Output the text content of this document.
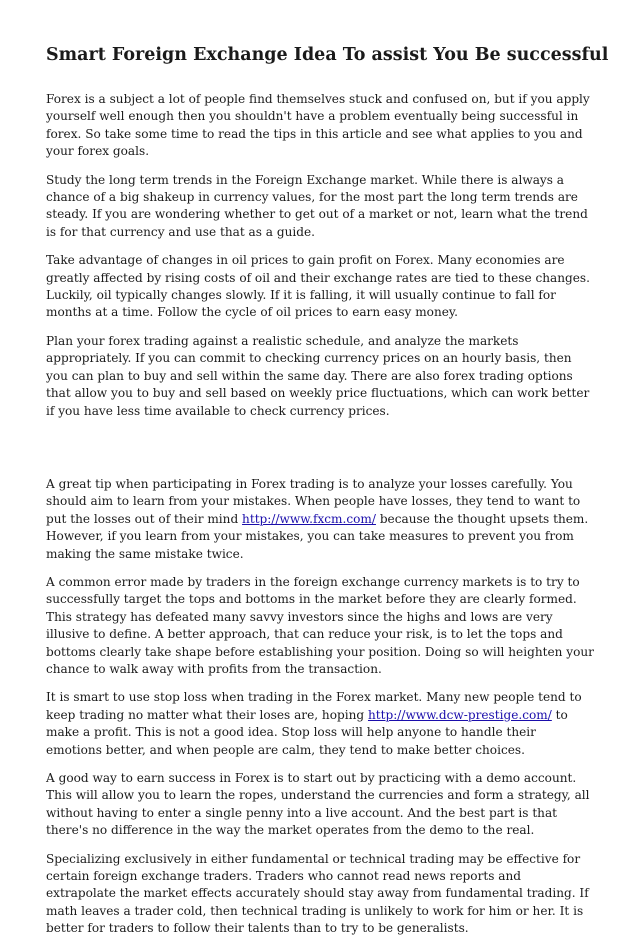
Smart Foreign Exchange Idea To assist You Be successful

Forex is a subject a lot of people find themselves stuck and confused on, but if you apply yourself well enough then you shouldn't have a problem eventually being successful in forex. So take some time to read the tips in this article and see what applies to you and your forex goals.

Study the long term trends in the Foreign Exchange market. While there is always a chance of a big shakeup in currency values, for the most part the long term trends are steady. If you are wondering whether to get out of a market or not, learn what the trend is for that currency and use that as a guide.

Take advantage of changes in oil prices to gain profit on Forex. Many economies are greatly affected by rising costs of oil and their exchange rates are tied to these changes. Luckily, oil typically changes slowly. If it is falling, it will usually continue to fall for months at a time. Follow the cycle of oil prices to earn easy money.

Plan your forex trading against a realistic schedule, and analyze the markets appropriately. If you can commit to checking currency prices on an hourly basis, then you can plan to buy and sell within the same day. There are also forex trading options that allow you to buy and sell based on weekly price fluctuations, which can work better if you have less time available to check currency prices.

A great tip when participating in Forex trading is to analyze your losses carefully. You should aim to learn from your mistakes. When people have losses, they tend to want to put the losses out of their mind http://www.fxcm.com/ because the thought upsets them. However, if you learn from your mistakes, you can take measures to prevent you from making the same mistake twice.

A common error made by traders in the foreign exchange currency markets is to try to successfully target the tops and bottoms in the market before they are clearly formed. This strategy has defeated many savvy investors since the highs and lows are very illusive to define. A better approach, that can reduce your risk, is to let the tops and bottoms clearly take shape before establishing your position. Doing so will heighten your chance to walk away with profits from the transaction.

It is smart to use stop loss when trading in the Forex market. Many new people tend to keep trading no matter what their loses are, hoping http://www.dcw-prestige.com/ to make a profit. This is not a good idea. Stop loss will help anyone to handle their emotions better, and when people are calm, they tend to make better choices.

A good way to earn success in Forex is to start out by practicing with a demo account. This will allow you to learn the ropes, understand the currencies and form a strategy, all without having to enter a single penny into a live account. And the best part is that there's no difference in the way the market operates from the demo to the real.

Specializing exclusively in either fundamental or technical trading may be effective for certain foreign exchange traders. Traders who cannot read news reports and extrapolate the market effects accurately should stay away from fundamental trading. If math leaves a trader cold, then technical trading is unlikely to work for him or her. It is better for traders to follow their talents than to try to be generalists.
